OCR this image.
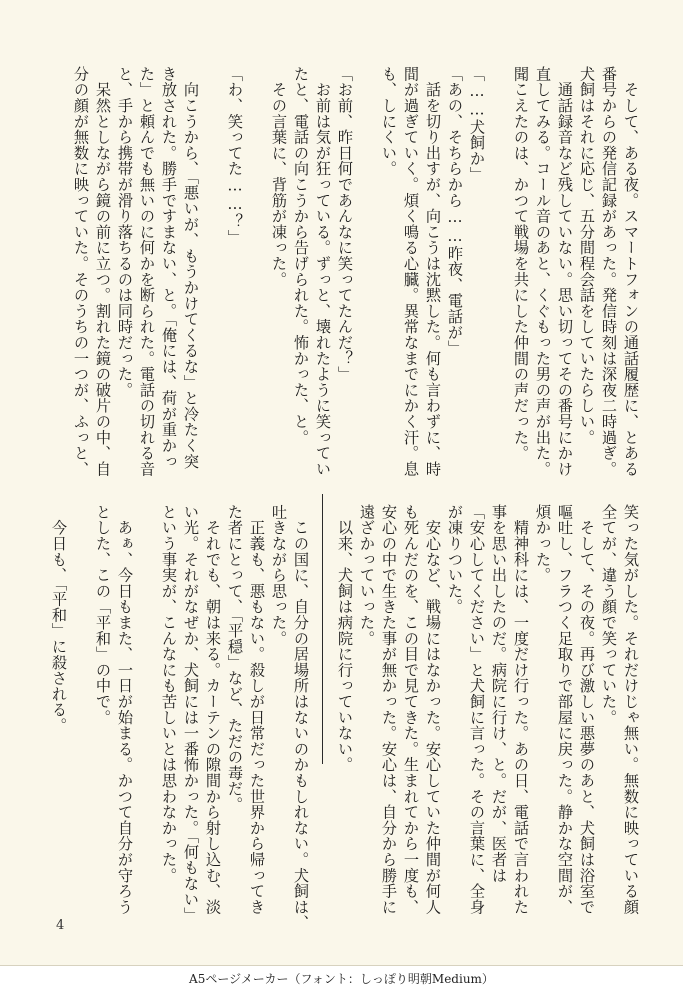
　そして、ある夜。スマートフォンの通話履歴に、とある
番号からの発信記録があった。発信時刻は深夜二時過ぎ。
犬飼はそれに応じ、五分間程会話をしていたらしい。
　通話録音など残していない。思い切ってその番号にかけ
直してみる。コール音のあと、くぐもった男の声が出た。
聞こえたのは、かつて戦場を共にした仲間の声だった。
「……犬飼か」
「あの、そちらから……昨夜、電話が」
　話を切り出すが、向こうは沈黙した。何も言わずに、時
間が過ぎていく。煩く鳴る心臓。異常なまでにかく汗。息
も、しにくい。
「お前、昨日何であんなに笑ってたんだ？」
　お前は気が狂っている。ずっと、壊れたように笑ってい
たと、電話の向こうから告げられた。怖かった、と。
　その言葉に、背筋が凍った。
「わ、笑ってた……？」
　向こうから、「悪いが、もうかけてくるな」と冷たく突
き放された。勝手ですまない、と。「俺には、荷が重かっ
た」と頼んでも無いのに何かを断られた。電話の切れる音
と、手から携帯が滑り落ちるのは同時だった。
　呆然としながら鏡の前に立つ。割れた鏡の破片の中、自
分の顔が無数に映っていた。そのうちの一つが、ふっと、
笑った気がした。それだけじゃ無い。無数に映っている顔
全てが、違う顔で笑っていた。
　そして、その夜。再び激しい悪夢のあと、犬飼は浴室で
嘔吐し、フラつく足取りで部屋に戻った。静かな空間が、
煩かった。
　精神科には、一度だけ行った。あの日、電話で言われた
事を思い出したのだ。病院に行け、と。だが、医者は
「安心してください」と犬飼に言った。その言葉に、全身
が凍りついた。
　安心など、戦場にはなかった。安心していた仲間が何人
も死んだのを、この目で見てきた。生まれてから一度も、
安心の中で生きた事が無かった。安心は、自分から勝手に
遠ざかっていった。
　以来、犬飼は病院に行っていない。
　この国に、自分の居場所はないのかもしれない。犬飼は、
吐きながら思った。
　正義も、悪もない。殺しが日常だった世界から帰ってき
た者にとって、「平穏」など、ただの毒だ。
　それでも、朝は来る。カーテンの隙間から射し込む、淡
い光。それがなぜか、犬飼には一番怖かった。「何もない」
という事実が、こんなにも苦しいとは思わなかった。
　あぁ、今日もまた、一日が始まる。かつて自分が守ろう
とした、この「平和」の中で。
　今日も、「平和」に殺される。
4
A5ページメーカー（フォント：しっぽり明朝Medium）
